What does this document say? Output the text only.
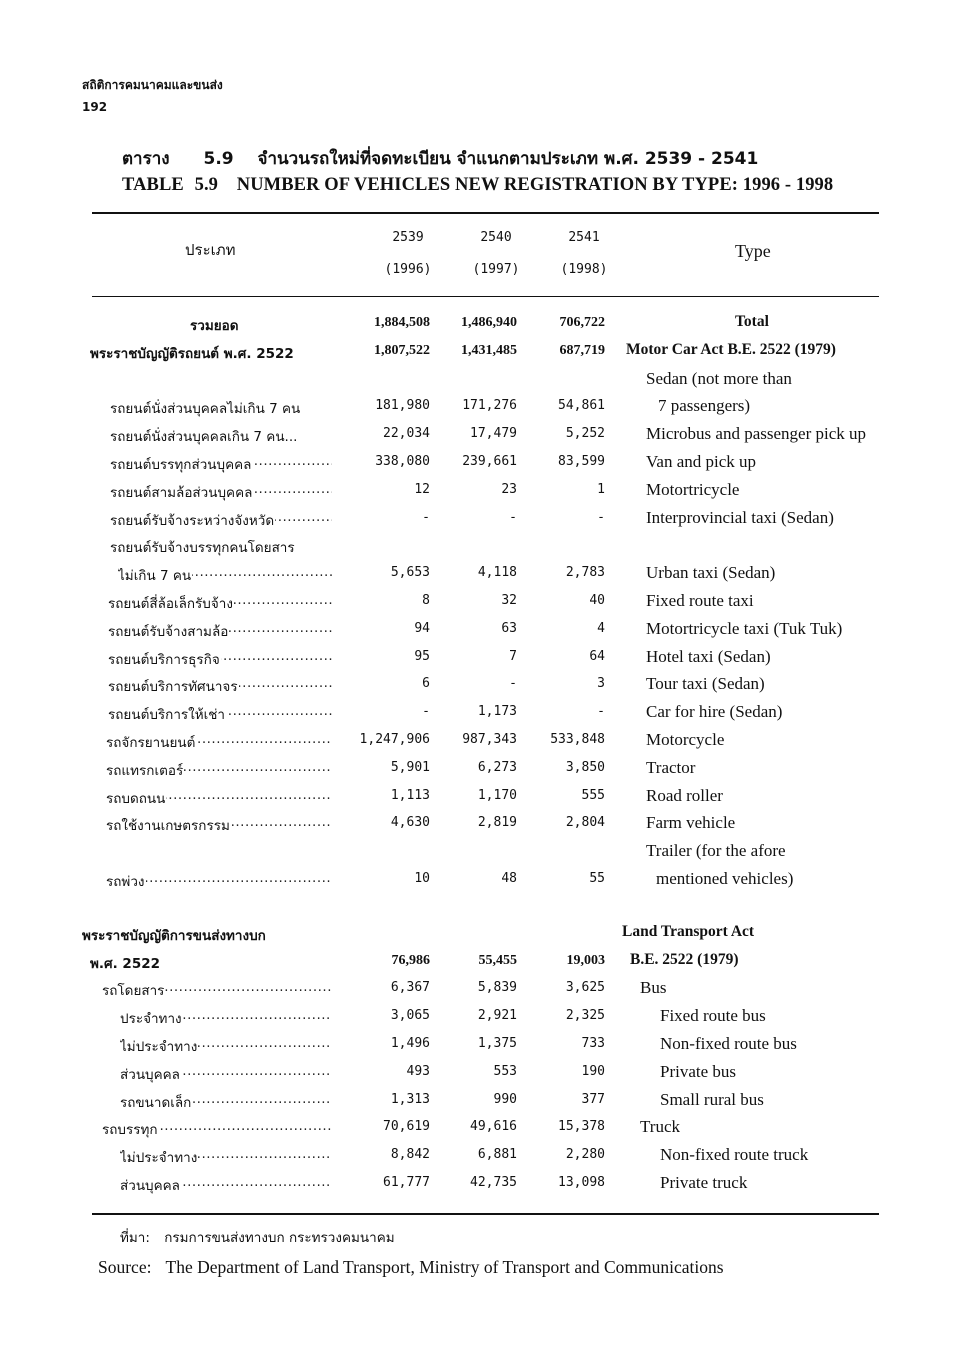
สถิติการคมนาคมและขนส่ง
192
ตาราง 5.9 จำนวนรถใหม่ที่จดทะเบียน จำแนกตามประเภท พ.ศ. 2539 - 2541
TABLE 5.9 NUMBER OF VEHICLES NEW REGISTRATION BY TYPE: 1996 - 1998
ประเภท	Type
2539
(1996)
2540
(1997)
2541
(1998)
รวมยอด	1,884,508	1,486,940	706,722	Total
พระราชบัญญัติรถยนต์ พ.ศ. 2522	1,807,522	1,431,485	687,719 Motor Car Act B.E. 2522 (1979)
Sedan (not more than
รถยนต์นั่งส่วนบุคคลไม่เกิน 7 คน	181,980	171,276	54,861	7 passengers)
รถยนต์นั่งส่วนบุคคลเกิน 7 คน...	22,034	17,479	5,252 Microbus and passenger pick up
รถยนต์บรรทุกส่วนบุคคล .....	338,080	239,661	83,599 Van and pick up
รถยนต์สามล้อส่วนบุคคล .....	12	23	1 Motortricycle
รถยนต์รับจ้างระหว่างจังหวัด .....	-	-	- Interprovincial taxi (Sedan)
รถยนต์รับจ้างบรรทุกคนโดยสาร
ไม่เกิน 7 คน .....	5,653	4,118	2,783 Urban taxi (Sedan)
รถยนต์สี่ล้อเล็กรับจ้าง .....	8	32	40 Fixed route taxi
รถยนต์รับจ้างสามล้อ .....	94	63	4 Motortricycle taxi (Tuk Tuk)
รถยนต์บริการธุรกิจ .....	95	7	64 Hotel taxi (Sedan)
รถยนต์บริการทัศนาจร .....	6	-	3 Tour taxi (Sedan)
รถยนต์บริการให้เช่า .....	-	1,173	- Car for hire (Sedan)
รถจักรยานยนต์ .....	1,247,906	987,343	533,848 Motorcycle
รถแทรกเตอร์ .....	5,901	6,273	3,850 Tractor
รถบดถนน .....	1,113	1,170	555 Road roller
รถใช้งานเกษตรกรรม .....	4,630	2,819	2,804 Farm vehicle
Trailer (for the afore
รถพ่วง .....	10	48	55	mentioned vehicles)
พระราชบัญญัติการขนส่งทางบก	Land Transport Act
พ.ศ. 2522	76,986	55,455	19,003 B.E. 2522 (1979)
รถโดยสาร .....	6,367	5,839	3,625 Bus
ประจำทาง .....	3,065	2,921	2,325	Fixed route bus
ไม่ประจำทาง .....	1,496	1,375	733	Non-fixed route bus
ส่วนบุคคล .....	493	553	190	Private bus
รถขนาดเล็ก .....	1,313	990	377	Small rural bus
รถบรรทุก .....	70,619	49,616	15,378 Truck
ไม่ประจำทาง .....	8,842	6,881	2,280	Non-fixed route truck
ส่วนบุคคล .....	61,777	42,735	13,098	Private truck
ที่มา: กรมการขนส่งทางบก กระทรวงคมนาคม
Source: The Department of Land Transport, Ministry of Transport and Communications
